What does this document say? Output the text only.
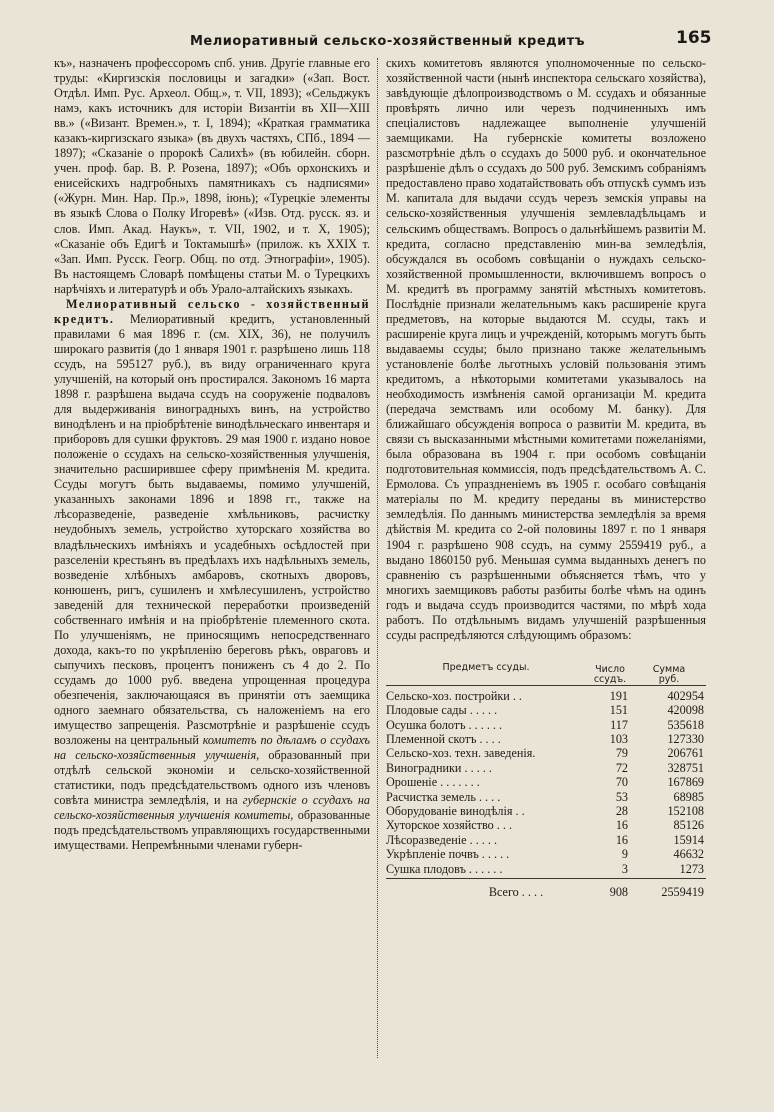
Мелиоративный сельско-хозяйственный кредитъ	165

къ», назначенъ профессоромъ спб. унив. Другiе главные его труды: «Киргизскiя пословицы и загадки» («Зап. Вост. Отдѣл. Имп. Рус. Археол. Общ.», т. VII, 1893); «Сельджукъ намэ, какъ источникъ для исторiи Византiи въ XII—XIII вв.» («Визант. Времен.», т. I, 1894); «Краткая грамматика казакъ-киргизскаго языка» (въ двухъ частяхъ, СПб., 1894 — 1897); «Сказанiе о пророкѣ Салихѣ» (въ юбилейн. сборн. учен. проф. бар. В. Р. Розена, 1897); «Объ орхонскихъ и енисейскихъ надгробныхъ памятникахъ съ надписями» («Журн. Мин. Нар. Пр.», 1898, iюнь); «Турецкiе элементы въ языкѣ Слова о Полку Игоревѣ» («Изв. Отд. русск. яз. и слов. Имп. Акад. Наукъ», т. VII, 1902, и т. X, 1905); «Сказанiе объ Едигѣ и Токтамышѣ» (прилож. къ XXIX т. «Зап. Имп. Русск. Геогр. Общ. по отд. Этнографiи», 1905). Въ настоящемъ Словарѣ помѣщены статьи М. о Турецкихъ нарѣчiяхъ и литературѣ и объ Урало-алтайскихъ языкахъ.

Мелиоративный сельско - хозяйственный кредитъ. Мелиоративный кредитъ, установленный правилами 6 мая 1896 г. (см. XIX, 36), не получилъ широкаго развитiя (до 1 января 1901 г. разрѣшено лишь 118 ссудъ, на 595127 руб.), въ виду ограниченнаго круга улучшенiй, на который онъ простирался. Закономъ 16 марта 1898 г. разрѣшена выдача ссудъ на сооруженiе подваловъ для выдерживанiя виноградныхъ винъ, на устройство винодѣленъ и на прiобрѣтенiе винодѣльческаго инвентаря и приборовъ для сушки фруктовъ. 29 мая 1900 г. издано новое положенiе о ссудахъ на сельско-хозяйственныя улучшенiя, значительно расширившее сферу примѣненiя М. кредита. Ссуды могутъ быть выдаваемы, помимо улучшенiй, указанныхъ законами 1896 и 1898 гг., также на лѣсоразведенiе, разведенiе хмѣльниковъ, расчистку неудобныхъ земель, устройство хуторскаго хозяйства во владѣльческихъ имѣнiяхъ и усадебныхъ осѣдлостей при разселенiи крестьянъ въ предѣлахъ ихъ надѣльныхъ земель, возведенiе хлѣбныхъ амбаровъ, скотныхъ дворовъ, конюшенъ, ригъ, сушиленъ и хмѣлесушиленъ, устройство заведенiй для технической переработки произведенiй собственнаго имѣнiя и на прiобрѣтенiе племенного скота. По улучшенiямъ, не приносящимъ непосредственнаго дохода, какъ-то по укрѣпленiю береговъ рѣкъ, овраговъ и сыпучихъ песковъ, процентъ пониженъ съ 4 до 2. По ссудамъ до 1000 руб. введена упрощенная процедура обезпеченiя, заключающаяся въ принятiи отъ заемщика одного заемнаго обязательства, съ наложенiемъ на его имущество запрещенiя. Разсмотрѣнiе и разрѣшенiе ссудъ возложены на центральный комитетъ по дѣламъ о ссудахъ на сельско-хозяйственныя улучшенiя, образованный при отдѣлѣ сельской экономiи и сельско-хозяйственной статистики, подъ предсѣдательствомъ одного изъ членовъ совѣта министра земледѣлiя, и на губернскiе о ссудахъ на сельско-хозяйственныя улучшенiя комитеты, образованные подъ предсѣдательствомъ управляющихъ государственными имуществами. Непремѣнными членами губерн-

скихъ комитетовъ являются уполномоченные по сельско-хозяйственной части (нынѣ инспектора сельскаго хозяйства), завѣдующiе дѣлопроизводствомъ о М. ссудахъ и обязанные провѣрять лично или черезъ подчиненныхъ имъ спецiалистовъ надлежащее выполненiе улучшенiй заемщиками. На губернскiе комитеты возложено разсмотрѣнiе дѣлъ о ссудахъ до 5000 руб. и окончательное разрѣшенiе дѣлъ о ссудахъ до 500 руб. Земскимъ собранiямъ предоставлено право ходатайствовать объ отпускѣ суммъ изъ М. капитала для выдачи ссудъ черезъ земскiя управы на сельско-хозяйственныя улучшенiя землевладѣльцамъ и сельскимъ обществамъ. Вопросъ о дальнѣйшемъ развитiи М. кредита, согласно представленiю мин-ва земледѣлiя, обсуждался въ особомъ совѣщанiи о нуждахъ сельско-хозяйственной промышленности, включившемъ вопросъ о М. кредитѣ въ программу занятiй мѣстныхъ комитетовъ. Послѣднiе признали желательнымъ какъ расширенiе круга предметовъ, на которые выдаются М. ссуды, такъ и расширенiе круга лицъ и учрежденiй, которымъ могутъ быть выдаваемы ссуды; было признано также желательнымъ установленiе болѣе льготныхъ условiй пользованiя этимъ кредитомъ, а нѣкоторыми комитетами указывалось на необходимость измѣненiя самой организацiи М. кредита (передача земствамъ или особому М. банку). Для ближайшаго обсужденiя вопроса о развитiи М. кредита, въ связи съ высказанными мѣстными комитетами пожеланiями, была образована въ 1904 г. при особомъ совѣщанiи подготовительная коммиссiя, подъ предсѣдательствомъ А. С. Ермолова. Съ упраздненiемъ въ 1905 г. особаго совѣщанiя матерiалы по М. кредиту переданы въ министерство земледѣлiя. По даннымъ министерства земледѣлiя за время дѣйствiя М. кредита со 2-ой половины 1897 г. по 1 января 1904 г. разрѣшено 908 ссудъ, на сумму 2559419 руб., а выдано 1860150 руб. Меньшая сумма выданныхъ денегъ по сравненiю съ разрѣшенными объясняется тѣмъ, что у многихъ заемщиковъ работы разбиты болѣе чѣмъ на одинъ годъ и выдача ссудъ производится частями, по мѣрѣ хода работъ. По отдѣльнымъ видамъ улучшенiй разрѣшенныя ссуды распредѣляются слѣдующимъ образомъ:

Предметъ ссуды.	Число
ссудъ.
Сумма
руб.
Сельско-хоз. постройки . .	191	402954
Плодовые сады . . . . .	151	420098
Осушка болотъ . . . . . .	117	535618
Племенной скотъ . . . .	103	127330
Сельско-хоз. техн. заведенiя.	79	206761
Виноградники . . . . .	72	328751
Орошенiе . . . . . . .	70	167869
Расчистка земель . . . .	53	68985
Оборудованiе винодѣлiя . .	28	152108
Хуторское хозяйство . . .	16	85126
Лѣсоразведенiе . . . . .	16	15914
Укрѣпленiе почвъ . . . . .	9	46632
Сушка плодовъ . . . . . .	3	1273
Всего . . . .	908	2559419
